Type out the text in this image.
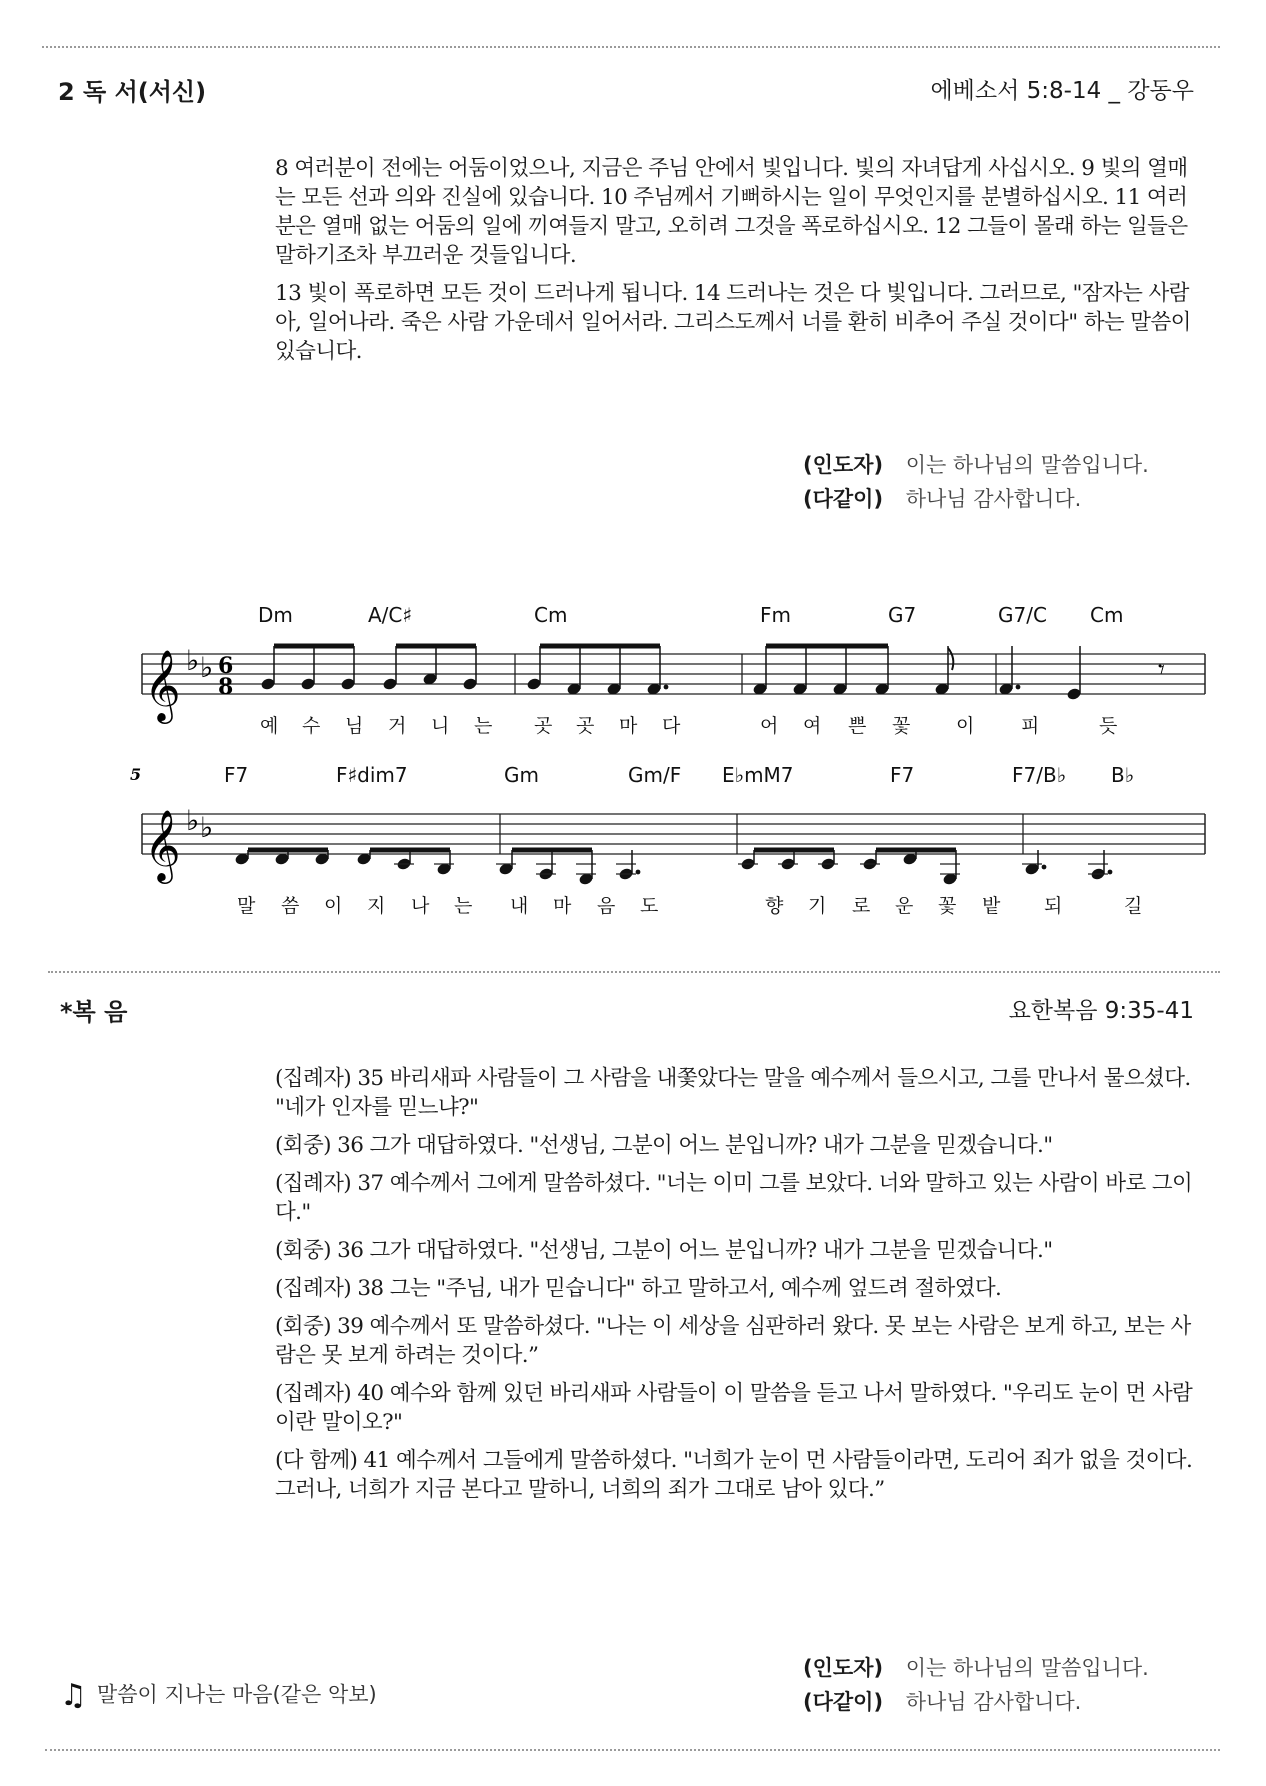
2 독 서(서신)	에베소서 5:8-14 _ 강동우

8 여러분이 전에는 어둠이었으나, 지금은 주님 안에서 빛입니다. 빛의 자녀답게 사십시오. 9 빛의 열매는 모든 선과 의와 진실에 있습니다. 10 주님께서 기뻐하시는 일이 무엇인지를 분별하십시오. 11 여러분은 열매 없는 어둠의 일에 끼여들지 말고, 오히려 그것을 폭로하십시오. 12 그들이 몰래 하는 일들은 말하기조차 부끄러운 것들입니다.

13 빛이 폭로하면 모든 것이 드러나게 됩니다. 14 드러나는 것은 다 빛입니다. 그러므로, "잠자는 사람아, 일어나라. 죽은 사람 가운데서 일어서라. 그리스도께서 너를 환히 비추어 주실 것이다" 하는 말씀이 있습니다.

(인도자) 이는 하나님의 말씀입니다.
(다같이) 하나님 감사합니다.
𝄞 ♭ ♭ 6
8
Dm	A/C♯	Cm	Fm	G7	G7/C Cm
예 수 님 거 니 는 곳 곳 마 다	어 여 쁜 꽃 이 피	듯
𝄞 ♭ ♭
5	F7	F♯dim7	Gm	Gm/F E♭mM7	F7	F7/B♭ B♭
말 씀 이 지 나 는 내 마 음 도	향 기 로 운 꽃 밭 되	길
𝄾
*복 음	요한복음 9:35-41

(집례자) 35 바리새파 사람들이 그 사람을 내쫓았다는 말을 예수께서 들으시고, 그를 만나서 물으셨다. "네가 인자를 믿느냐?"

(회중) 36 그가 대답하였다. "선생님, 그분이 어느 분입니까? 내가 그분을 믿겠습니다."

(집례자) 37 예수께서 그에게 말씀하셨다. "너는 이미 그를 보았다. 너와 말하고 있는 사람이 바로 그이다."

(회중) 36 그가 대답하였다. "선생님, 그분이 어느 분입니까? 내가 그분을 믿겠습니다."

(집례자) 38 그는 "주님, 내가 믿습니다" 하고 말하고서, 예수께 엎드려 절하였다.

(회중) 39 예수께서 또 말씀하셨다. "나는 이 세상을 심판하러 왔다. 못 보는 사람은 보게 하고, 보는 사람은 못 보게 하려는 것이다.”

(집례자) 40 예수와 함께 있던 바리새파 사람들이 이 말씀을 듣고 나서 말하였다. "우리도 눈이 먼 사람이란 말이오?"

(다 함께) 41 예수께서 그들에게 말씀하셨다. "너희가 눈이 먼 사람들이라면, 도리어 죄가 없을 것이다. 그러나, 너희가 지금 본다고 말하니, 너희의 죄가 그대로 남아 있다.”

(인도자) 이는 하나님의 말씀입니다.
(다같이) 하나님 감사합니다.
♫ 말씀이 지나는 마음(같은 악보)
